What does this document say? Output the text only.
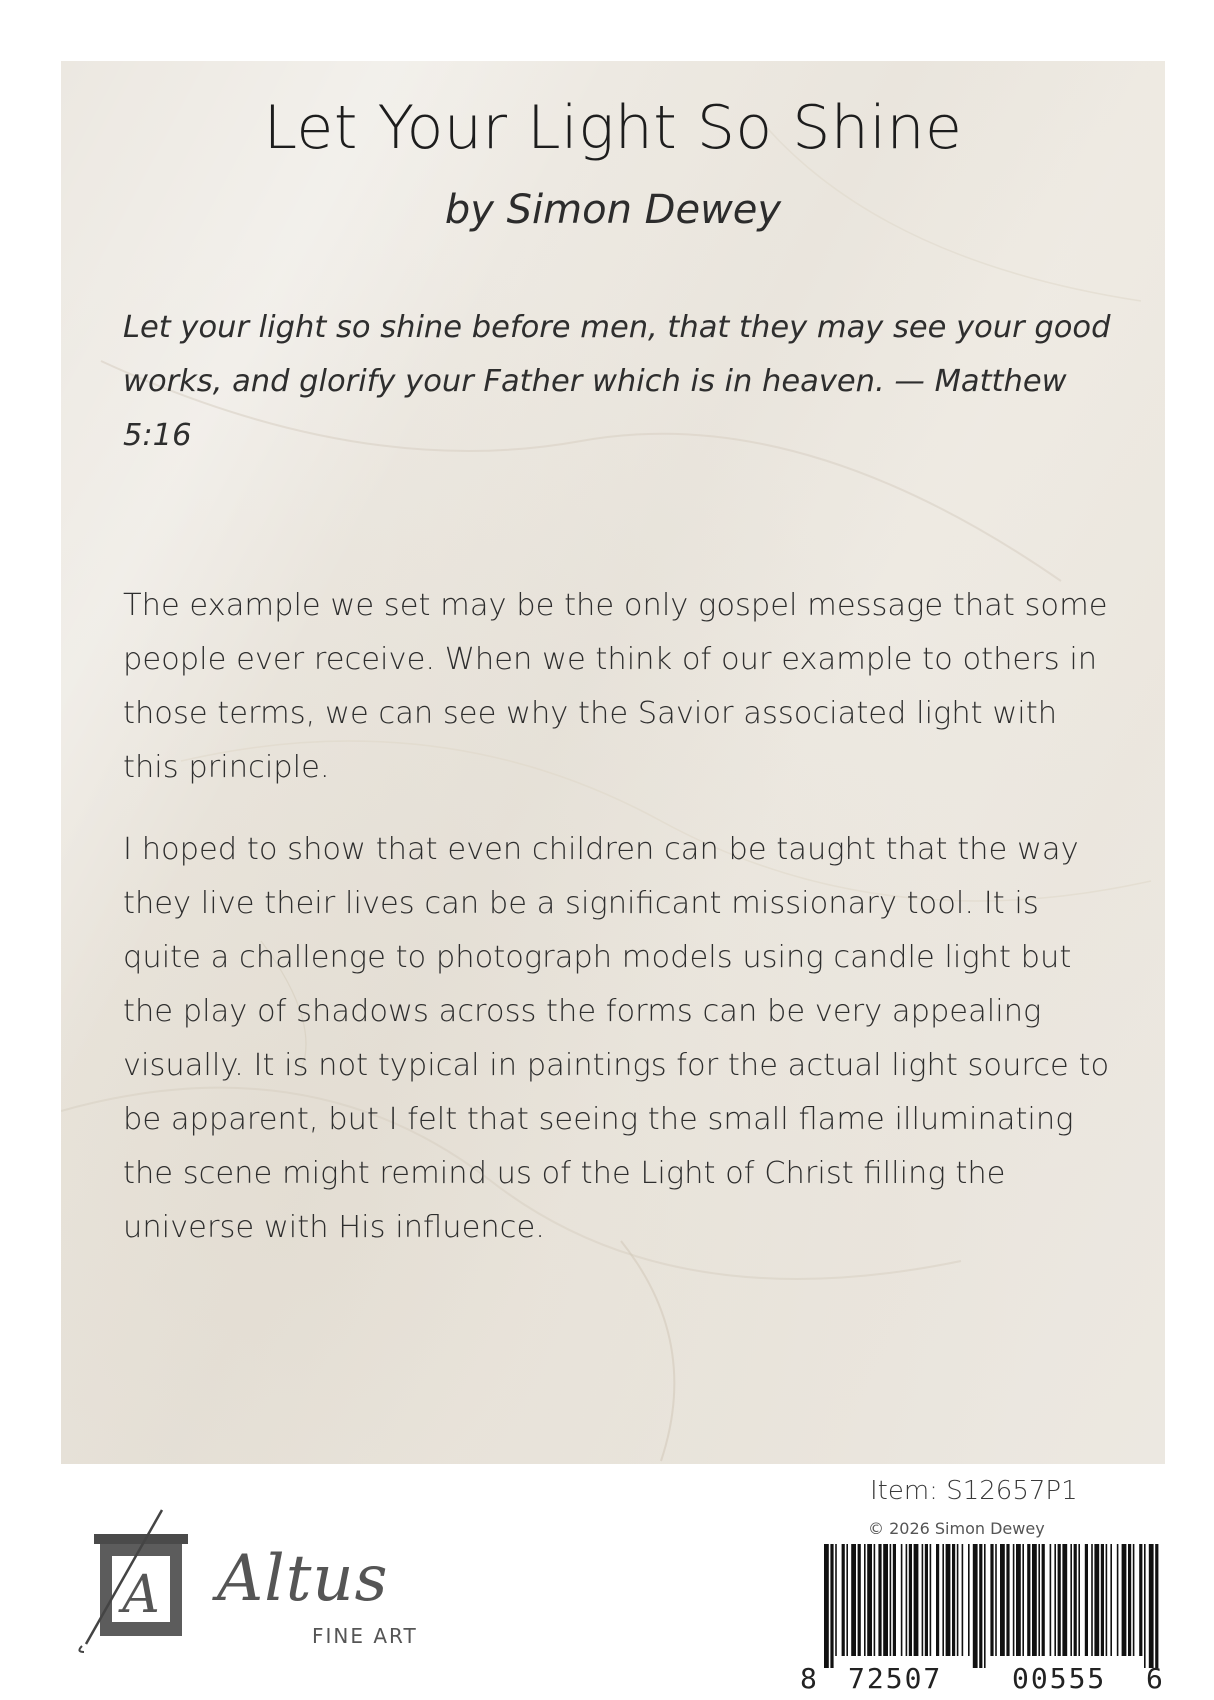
Let Your Light So Shine
by Simon Dewey

Let your light so shine before men, that they may see your good works, and glorify your Father which is in heaven. — Matthew 5:16

The example we set may be the only gospel message that some people ever receive. When we think of our example to others in those terms, we can see why the Savior associated light with this principle.

I hoped to show that even children can be taught that the way they live their lives can be a significant missionary tool. It is quite a challenge to photograph models using candle light but the play of shadows across the forms can be very appealing visually. It is not typical in paintings for the actual light source to be apparent, but I felt that seeing the small flame illuminating the scene might remind us of the Light of Christ filling the universe with His influence.

A Altus
FINE ART
Item: S12657P1
© 2026 Simon Dewey
8 72507 00555 6
